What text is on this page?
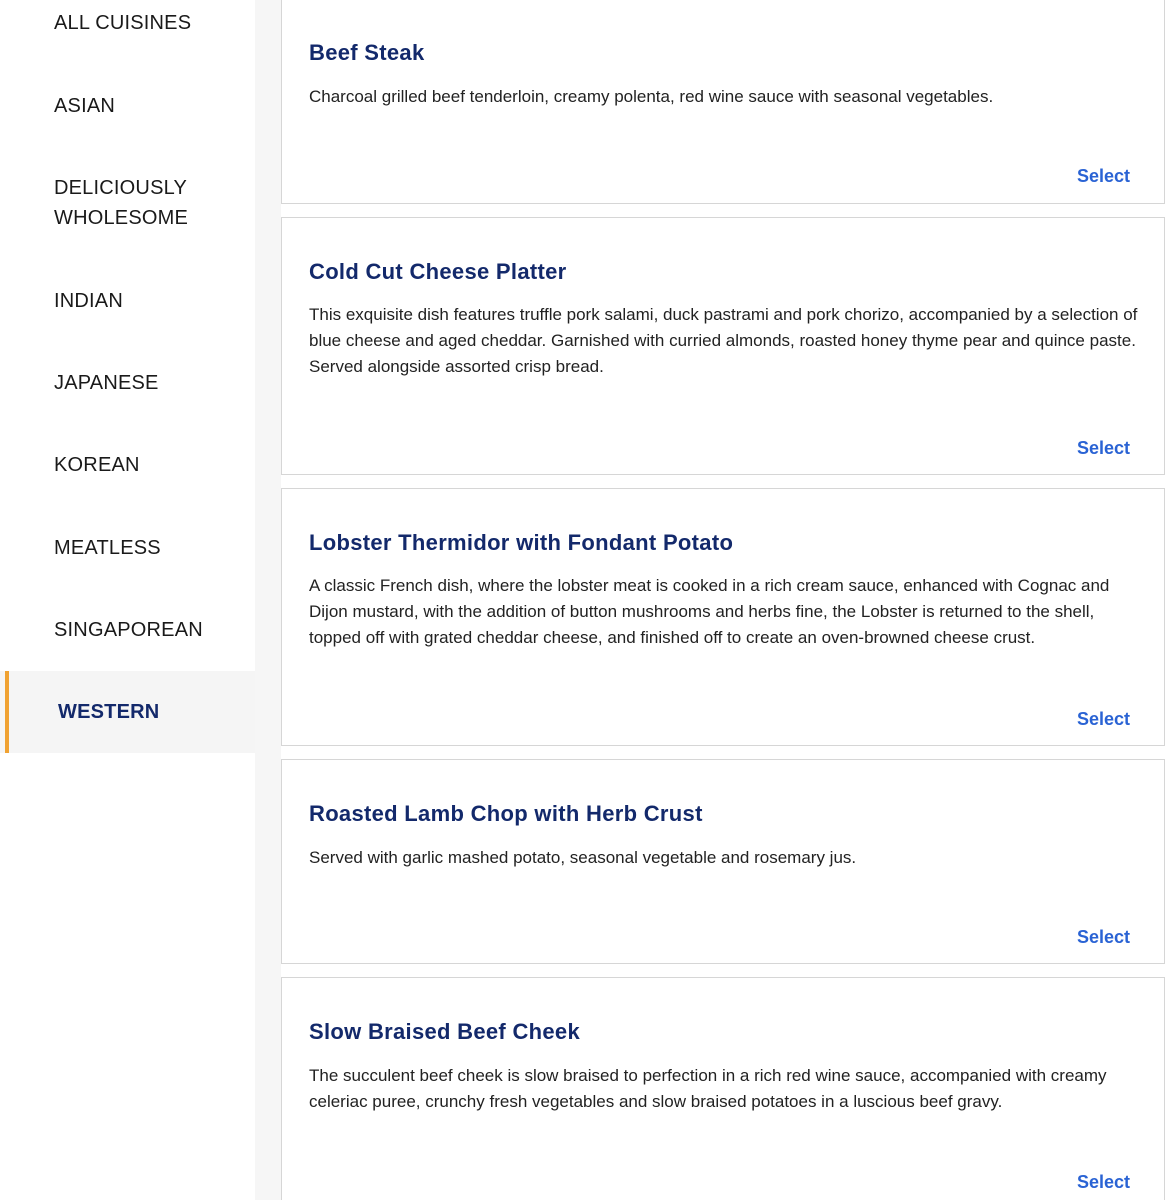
ALL CUISINES
ASIAN
DELICIOUSLY WHOLESOME
INDIAN
JAPANESE
KOREAN
MEATLESS
SINGAPOREAN
WESTERN
Beef Steak
Charcoal grilled beef tenderloin, creamy polenta, red wine sauce with seasonal vegetables.
Select
Cold Cut Cheese Platter
This exquisite dish features truffle pork salami, duck pastrami and pork chorizo, accompanied by a selection of blue cheese and aged cheddar. Garnished with curried almonds, roasted honey thyme pear and quince paste. Served alongside assorted crisp bread.
Select
Lobster Thermidor with Fondant Potato
A classic French dish, where the lobster meat is cooked in a rich cream sauce, enhanced with Cognac and Dijon mustard, with the addition of button mushrooms and herbs fine, the Lobster is returned to the shell, topped off with grated cheddar cheese, and finished off to create an oven-browned cheese crust.
Select
Roasted Lamb Chop with Herb Crust
Served with garlic mashed potato, seasonal vegetable and rosemary jus.
Select
Slow Braised Beef Cheek
The succulent beef cheek is slow braised to perfection in a rich red wine sauce, accompanied with creamy celeriac puree, crunchy fresh vegetables and slow braised potatoes in a luscious beef gravy.
Select
